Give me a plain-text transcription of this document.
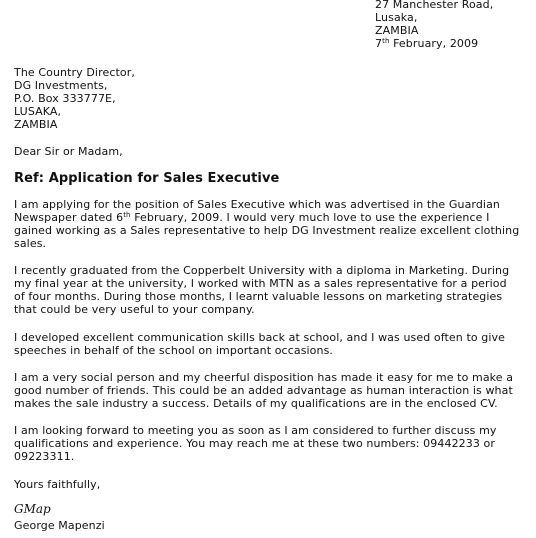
27 Manchester Road,
Lusaka,
ZAMBIA
7th February, 2009
The Country Director,
DG Investments,
P.O. Box 333777E,
LUSAKA,
ZAMBIA
Dear Sir or Madam,
Ref: Application for Sales Executive
I am applying for the position of Sales Executive which was advertised in the Guardian
Newspaper dated 6th February, 2009. I would very much love to use the experience I
gained working as a Sales representative to help DG Investment realize excellent clothing
sales.
I recently graduated from the Copperbelt University with a diploma in Marketing. During
my final year at the university, I worked with MTN as a sales representative for a period
of four months. During those months, I learnt valuable lessons on marketing strategies
that could be very useful to your company.
I developed excellent communication skills back at school, and I was used often to give
speeches in behalf of the school on important occasions.
I am a very social person and my cheerful disposition has made it easy for me to make a
good number of friends. This could be an added advantage as human interaction is what
makes the sale industry a success. Details of my qualifications are in the enclosed CV.
I am looking forward to meeting you as soon as I am considered to further discuss my
qualifications and experience. You may reach me at these two numbers: 09442233 or
09223311.
Yours faithfully,
GMap
George Mapenzi
